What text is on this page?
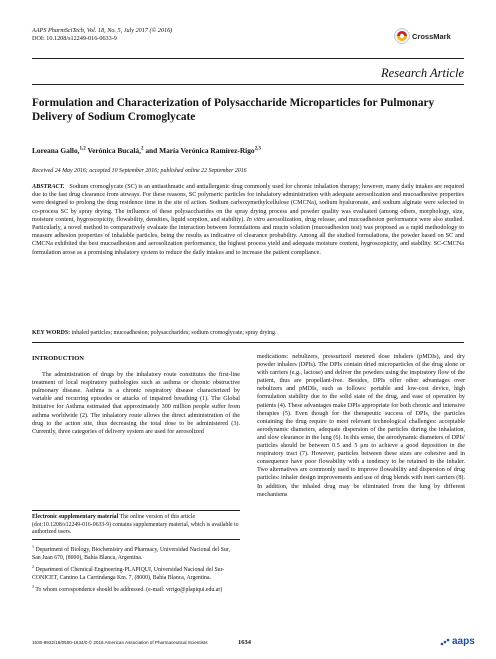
AAPS PharmSciTech, Vol. 18, No. 5, July 2017 (© 2016)
DOI: 10.1208/s12249-016-0633-9	CrossMark
Research Article
Formulation and Characterization of Polysaccharide Microparticles for Pulmonary Delivery of Sodium Cromoglycate
Loreana Gallo,$^{1,2}$ Verónica Bucalá,$^2$ and María Verónica Ramírez-Rigo$^{2,3}$
Received 24 May 2016; accepted 10 September 2016; published online 22 September 2016
ABSTRACT. Sodium cromoglycate (SC) is an antiasthmatic and antiallergenic drug commonly used for chronic inhalation therapy; however, many daily intakes are required due to the fast drug clearance from airways. For these reasons, SC polymeric particles for inhalatory administration with adequate aerosolization and mucoadhesive properties were designed to prolong the drug residence time in the site of action. Sodium carboxymethylcellulose (CMCNa), sodium hyaluronate, and sodium alginate were selected to co-process SC by spray drying. The influence of these polysaccharides on the spray drying process and powder quality was evaluated (among others, morphology, size, moisture content, hygroscopicity, flowability, densities, liquid sorption, and stability). In vitro aerosolization, drug release, and mucoadhesion performance were also studied. Particularly, a novel method to comparatively evaluate the interaction between formulations and mucin solution (mucoadhesion test) was proposed as a rapid methodology to measure adhesion properties of inhalable particles, being the results as indicative of clearance probability. Among all the studied formulations, the powder based on SC and CMCNa exhibited the best mucoadhesion and aerosolization performance, the highest process yield and adequate moisture content, hygroscopicity, and stability. SC-CMCNa formulation arose as a promising inhalatory system to reduce the daily intakes and to increase the patient compliance.
KEY WORDS: inhaled particles; mucoadhesion; polysaccharides; sodium cromoglycate; spray drying.
INTRODUCTION

The administration of drugs by the inhalatory route constitutes the first-line treatment of local respiratory pathologies such as asthma or chronic obstructive pulmonary disease. Asthma is a chronic respiratory disease characterized by variable and recurring episodes or attacks of impaired breathing (1). The Global Initiative for Asthma estimated that approximately 300 million people suffer from asthma worldwide (2). The inhalatory route allows the direct administration of the drug to the action site, thus decreasing the total dose to be administered (3). Currently, three categories of delivery system are used for aerosolized

Electronic supplementary material The online version of this article (doi:10.1208/s12249-016-0633-9) contains supplementary material, which is available to authorized users.
$^1$ Department of Biology, Biochemistry and Pharmacy, Universidad Nacional del Sur, San Juan 670, (8000), Bahía Blanca, Argentina.
$^2$ Department of Chemical Engineering-PLAPIQUI, Universidad Nacional del Sur-CONICET, Camino La Carrindanga Km. 7, (8000), Bahía Blanca, Argentina.
$^3$ To whom correspondence should be addressed. (e-mail: vrrigo@plapiqui.edu.ar)

medications: nebulizers, pressurized metered dose inhalers (pMDIs), and dry powder inhalers (DPIs). The DPIs contain dried microparticles of the drug alone or with carriers (e.g., lactose) and deliver the powders using the inspiratory flow of the patient, thus are propellant-free. Besides, DPIs offer other advantages over nebulizers and pMDIs, such as follows: portable and low-cost device, high formulation stability due to the solid state of the drug, and ease of operation by patients (4). These advantages make DPIs appropriate for both chronic and intensive therapies (5). Even though for the therapeutic success of DPIs, the particles containing the drug require to meet relevant technological challenges: acceptable aerodynamic diameters, adequate dispersion of the particles during the inhalation, and slow clearance in the lung (6). In this sense, the aerodynamic diameters of DPIs' particles should be between 0.5 and 5 μm to achieve a good deposition in the respiratory tract (7). However, particles between these sizes are cohesive and in consequence have poor flowability with a tendency to be retained in the inhaler. Two alternatives are commonly used to improve flowability and dispersion of drug particles: inhaler design improvements and use of drug blends with inert carriers (8). In addition, the inhaled drug may be eliminated from the lung by different mechanisms

1530-9932/16/0500-1634/0 © 2016 American Association of Pharmaceutical Scientists	1634	aaps
